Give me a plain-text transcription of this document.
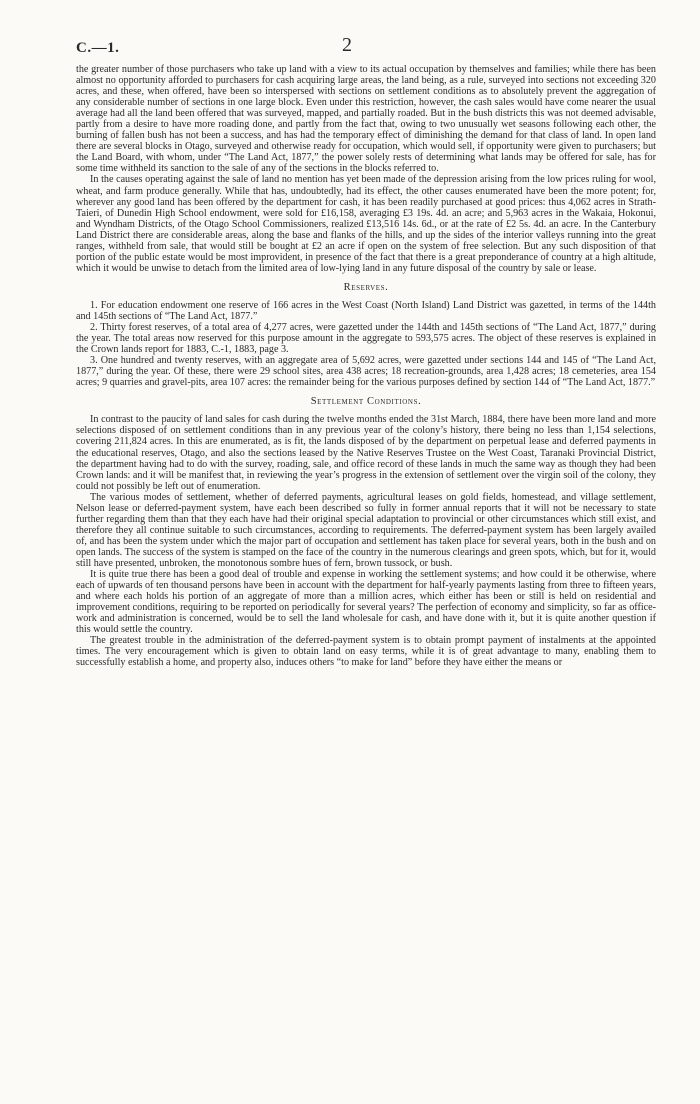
C.—1.	2

the greater number of those purchasers who take up land with a view to its actual occupation by themselves and families; while there has been almost no opportunity afforded to purchasers for cash acquiring large areas, the land being, as a rule, surveyed into sections not exceeding 320 acres, and these, when offered, have been so interspersed with sections on settlement conditions as to absolutely prevent the aggregation of any considerable number of sections in one large block. Even under this restriction, however, the cash sales would have come nearer the usual average had all the land been offered that was surveyed, mapped, and partially roaded. But in the bush districts this was not deemed advisable, partly from a desire to have more roading done, and partly from the fact that, owing to two unusually wet seasons following each other, the burning of fallen bush has not been a success, and has had the temporary effect of diminishing the demand for that class of land. In open land there are several blocks in Otago, surveyed and otherwise ready for occupation, which would sell, if opportunity were given to purchasers; but the Land Board, with whom, under “The Land Act, 1877,” the power solely rests of determining what lands may be offered for sale, has for some time withheld its sanction to the sale of any of the sections in the blocks referred to.

In the causes operating against the sale of land no mention has yet been made of the depression arising from the low prices ruling for wool, wheat, and farm produce generally. While that has, undoubtedly, had its effect, the other causes enumerated have been the more potent; for, wherever any good land has been offered by the department for cash, it has been readily purchased at good prices: thus 4,062 acres in Strath-Taieri, of Dunedin High School endowment, were sold for £16,158, averaging £3 19s. 4d. an acre; and 5,963 acres in the Wakaia, Hokonui, and Wyndham Districts, of the Otago School Commissioners, realized £13,516 14s. 6d., or at the rate of £2 5s. 4d. an acre. In the Canterbury Land District there are considerable areas, along the base and flanks of the hills, and up the sides of the interior valleys running into the great ranges, withheld from sale, that would still be bought at £2 an acre if open on the system of free selection. But any such disposition of that portion of the public estate would be most improvident, in presence of the fact that there is a great preponderance of country at a high altitude, which it would be unwise to detach from the limited area of low-lying land in any future disposal of the country by sale or lease.

Reserves.

1. For education endowment one reserve of 166 acres in the West Coast (North Island) Land District was gazetted, in terms of the 144th and 145th sections of “The Land Act, 1877.”

2. Thirty forest reserves, of a total area of 4,277 acres, were gazetted under the 144th and 145th sections of “The Land Act, 1877,” during the year. The total areas now reserved for this purpose amount in the aggregate to 593,575 acres. The object of these reserves is explained in the Crown lands report for 1883, C.-1, 1883, page 3.

3. One hundred and twenty reserves, with an aggregate area of 5,692 acres, were gazetted under sections 144 and 145 of “The Land Act, 1877,” during the year. Of these, there were 29 school sites, area 438 acres; 18 recreation-grounds, area 1,428 acres; 18 cemeteries, area 154 acres; 9 quarries and gravel-pits, area 107 acres: the remainder being for the various purposes defined by section 144 of “The Land Act, 1877.”

Settlement Conditions.

In contrast to the paucity of land sales for cash during the twelve months ended the 31st March, 1884, there have been more land and more selections disposed of on settlement conditions than in any previous year of the colony’s history, there being no less than 1,154 selections, covering 211,824 acres. In this are enumerated, as is fit, the lands disposed of by the department on perpetual lease and deferred payments in the educational reserves, Otago, and also the sections leased by the Native Reserves Trustee on the West Coast, Taranaki Provincial District, the department having had to do with the survey, roading, sale, and office record of these lands in much the same way as though they had been Crown lands: and it will be manifest that, in reviewing the year’s progress in the extension of settlement over the virgin soil of the colony, they could not possibly be left out of enumeration.

The various modes of settlement, whether of deferred payments, agricultural leases on gold fields, homestead, and village settlement, Nelson lease or deferred-payment system, have each been described so fully in former annual reports that it will not be necessary to state further regarding them than that they each have had their original special adaptation to provincial or other circumstances which still exist, and therefore they all continue suitable to such circumstances, according to requirements. The deferred-payment system has been largely availed of, and has been the system under which the major part of occupation and settlement has taken place for several years, both in the bush and on open lands. The success of the system is stamped on the face of the country in the numerous clearings and green spots, which, but for it, would still have presented, unbroken, the monotonous sombre hues of fern, brown tussock, or bush.

It is quite true there has been a good deal of trouble and expense in working the settlement systems; and how could it be otherwise, where each of upwards of ten thousand persons have been in account with the department for half-yearly payments lasting from three to fifteen years, and where each holds his portion of an aggregate of more than a million acres, which either has been or still is held on residential and improvement conditions, requiring to be reported on periodically for several years? The perfection of economy and simplicity, so far as office-work and administration is concerned, would be to sell the land wholesale for cash, and have done with it, but it is quite another question if this would settle the country.

The greatest trouble in the administration of the deferred-payment system is to obtain prompt payment of instalments at the appointed times. The very encouragement which is given to obtain land on easy terms, while it is of great advantage to many, enabling them to successfully establish a home, and property also, induces others “to make for land” before they have either the means or
